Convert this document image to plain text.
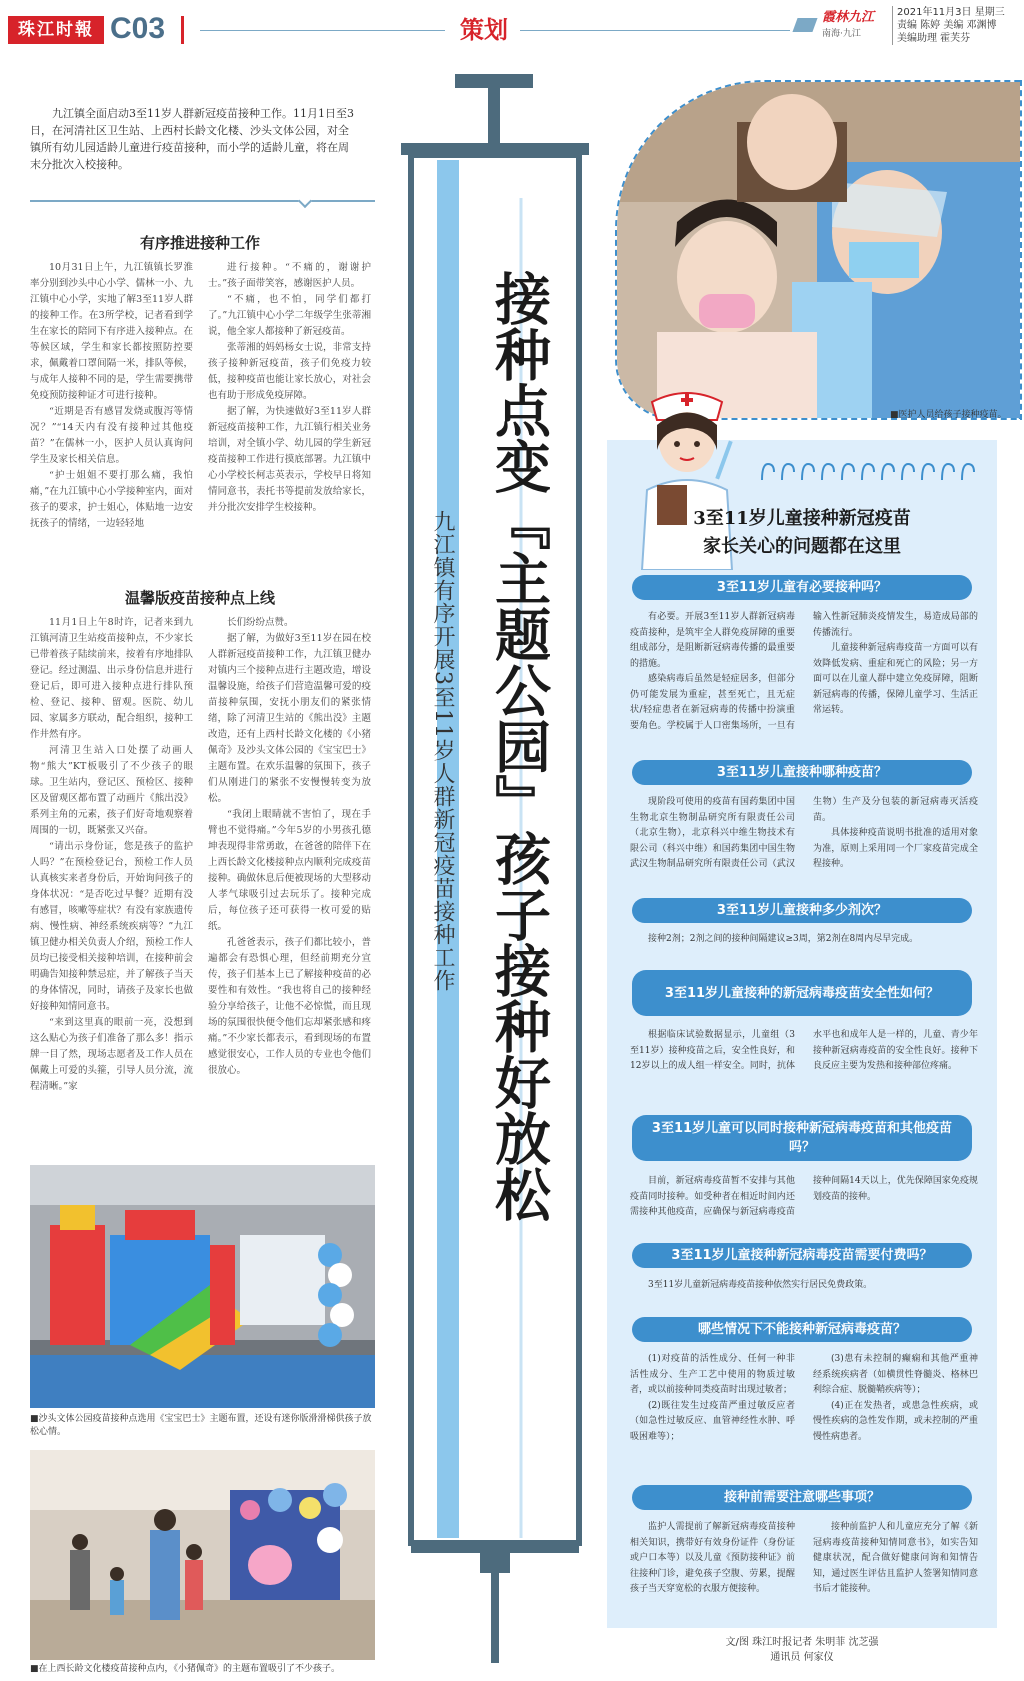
珠江时報 C03	策划	霞林九江
南海·九江
2021年11月3日 星期三
责编 陈婷 美编 邓渊博
美编助理 霍芙芬
九江镇全面启动3至11岁人群新冠疫苗接种工作。11月1日至3日，在河清社区卫生站、上西村长龄文化楼、沙头文体公园，对全镇所有幼儿园适龄儿童进行疫苗接种，而小学的适龄儿童，将在周末分批次入校接种。
有序推进接种工作

10月31日上午，九江镇镇长罗淮率分别到沙头中心小学、儒林一小、九江镇中心小学，实地了解3至11岁人群的接种工作。在3所学校，记者看到学生在家长的陪同下有序进入接种点。在等候区域，学生和家长都按照防控要求，佩戴着口罩间隔一米，排队等候，与成年人接种不同的是，学生需要携带免疫预防接种证才可进行接种。

“近期是否有感冒发烧或腹泻等情况？”“14天内有没有接种过其他疫苗？”在儒林一小，医护人员认真询问学生及家长相关信息。

“护士姐姐不要打那么痛，我怕痛，”在九江镇中心小学接种室内，面对孩子的要求，护士姐心，体贴地一边安抚孩子的情绪，一边轻轻地

进行接种。“不痛的，谢谢护士。”孩子面带笑容，感谢医护人员。

“不痛，也不怕，同学们都打了。”九江镇中心小学二年级学生张蒂湘说，他全家人都接种了新冠疫苗。

张蒂湘的妈妈杨女士说，非常支持孩子接种新冠疫苗，孩子们免疫力较低，接种疫苗也能让家长放心，对社会也有助于形成免疫屏障。

据了解，为快速做好3至11岁人群新冠疫苗接种工作，九江镇行相关业务培训，对全镇小学、幼儿园的学生新冠疫苗接种工作进行摸底部署。九江镇中心小学校长柯志英表示，学校早日将知情同意书，表托书等提前发放给家长，并分批次安排学生校接种。

温馨版疫苗接种点上线

11月1日上午8时许，记者来到九江镇河清卫生站疫苗接种点，不少家长已带着孩子陆续前来，按着有序地排队登记。经过测温、出示身份信息并进行登记后，即可进入接种点进行排队预检、登记、接种、留观。医院、幼儿园、家属多方联动，配合组织，接种工作井然有序。

河清卫生站入口处摆了动画人物“熊大”KT板吸引了不少孩子的眼球。卫生站内，登记区、预检区、接种区及留观区都布置了动画片《熊出没》系列主角的元素，孩子们好奇地观察着周围的一切，既紧张又兴奋。

“请出示身份证，您是孩子的监护人吗？”在预检登记台，预检工作人员认真核实来者身份后，开始询问孩子的身体状况：“是否吃过早餐？近期有没有感冒，咳嗽等症状？有没有家族遗传病、慢性病、神经系统疾病等？”九江镇卫健办相关负责人介绍，预检工作人员均已接受相关接种培训，在接种前会明确告知接种禁忌症，并了解孩子当天的身体情况，同时，请孩子及家长也做好接种知情同意书。

“来到这里真的眼前一亮，没想到这么贴心为孩子们准备了那么多！指示牌一目了然，现场志愿者及工作人员在佩戴上可爱的头箍，引导人员分流，流程清晰。”家

长们纷纷点赞。

据了解，为做好3至11岁在园在校人群新冠疫苗接种工作，九江镇卫健办对镇内三个接种点进行主题改造，增设温馨设施，给孩子们营造温馨可爱的疫苗接种氛围，安抚小朋友们的紧张情绪，除了河清卫生站的《熊出没》主题改造，还有上西村长龄文化楼的《小猪佩奇》及沙头文体公园的《宝宝巴士》主题布置。在欢乐温馨的氛围下，孩子们从刚进门的紧张不安慢慢转变为放松。

“我闭上眼睛就不害怕了，现在手臂也不觉得痛。”今年5岁的小男孩孔德坤表现得非常勇敢，在爸爸的陪伴下在上西长龄文化楼接种点内顺利完成疫苗接种。确做休息后便被现场的大型移动人孝气球吸引过去玩乐了。接种完成后，每位孩子还可获得一枚可爱的贴纸。

孔爸爸表示，孩子们都比较小，普遍都会有恐惧心理，但经前期充分宣传，孩子们基本上已了解接种疫苗的必要性和有效性。“我也将自己的接种经验分享给孩子，让他不必惊慌，而且现场的氛围很快便令他们忘却紧张感和疼痛。”不少家长都表示，看到现场的布置感觉很安心，工作人员的专业也令他们很放心。

■沙头文体公园疫苗接种点选用《宝宝巴士》主题布置，还设有迷你版滑滑梯供孩子放松心情。
■在上西长龄文化楼疫苗接种点内，《小猪佩奇》的主题布置吸引了不少孩子。
接种点变『主题公园』孩子接种好放松
九江镇有序开展3至11岁人群新冠疫苗接种工作
■医护人员给孩子接种疫苗。
3至11岁儿童接种新冠疫苗
家长关心的问题都在这里
3至11岁儿童有必要接种吗？

有必要。开展3至11岁人群新冠病毒疫苗接种，是筑牢全人群免疫屏障的重要组成部分，是阻断新冠病毒传播的最重要的措施。

感染病毒后虽然是轻症居多，但部分仍可能发展为重症，甚至死亡，且无症状/轻症患者在新冠病毒的传播中扮演重要角色。学校属于人口密集场所，一旦有输入性新冠肺炎疫情发生，易造成局部的传播流行。

儿童接种新冠病毒疫苗一方面可以有效降低发病、重症和死亡的风险；另一方面可以在儿童人群中建立免疫屏障，阻断新冠病毒的传播，保障儿童学习、生活正常运转。

3至11岁儿童接种哪种疫苗？

现阶段可使用的疫苗有国药集团中国生物北京生物制品研究所有限责任公司（北京生物），北京科兴中维生物技术有限公司（科兴中维）和国药集团中国生物武汉生物制品研究所有限责任公司（武汉生物）生产及分包装的新冠病毒灭活疫苗。

具体接种疫苗说明书批准的适用对象为准，原则上采用同一个厂家疫苗完成全程接种。

3至11岁儿童接种多少剂次？

接种2剂；2剂之间的接种间隔建议≥3周，第2剂在8周内尽早完成。

3至11岁儿童接种的新冠病毒疫苗安全性如何？

根据临床试验数据显示，儿童组（3至11岁）接种疫苗之后，安全性良好，和12岁以上的成人组一样安全。同时，抗体水平也和成年人是一样的，儿童、青少年接种新冠病毒疫苗的安全性良好。接种下良反应主要为发热和接种部位疼痛。

3至11岁儿童可以同时接种新冠病毒疫苗和其他疫苗吗？

目前，新冠病毒疫苗暂不安排与其他疫苗同时接种。如受种者在相近时间内还需接种其他疫苗，应确保与新冠病毒疫苗接种间隔14天以上，优先保障国家免疫规划疫苗的接种。

3至11岁儿童接种新冠病毒疫苗需要付费吗？

3至11岁儿童新冠病毒疫苗接种依然实行居民免费政策。

哪些情况下不能接种新冠病毒疫苗？

(1)对疫苗的活性成分、任何一种非活性成分、生产工艺中使用的物质过敏者，或以前接种同类疫苗时出现过敏者；

(2)既往发生过疫苗严重过敏反应者（如急性过敏反应、血管神经性水肿、呼吸困难等）；

(3)患有未控制的癫痫和其他严重神经系统疾病者（如横贯性脊髓炎、格林巴利综合症、脱髓鞘疾病等）；

(4)正在发热者，或患急性疾病，或慢性疾病的急性发作期，或未控制的严重慢性病患者。

接种前需要注意哪些事项？

监护人需提前了解新冠病毒疫苗接种相关知识，携带好有效身份证件（身份证或户口本等）以及儿童《预防接种证》前往接种门诊，避免孩子空腹、劳累，提醒孩子当天穿宽松的衣服方便接种。

接种前监护人和儿童应充分了解《新冠病毒疫苗接种知情同意书》，如实告知健康状况，配合做好健康问询和知情告知，通过医生评估且监护人签署知情同意书后才能接种。

文/图 珠江时报记者 朱明菲 沈芝强
通讯员 何家仪
